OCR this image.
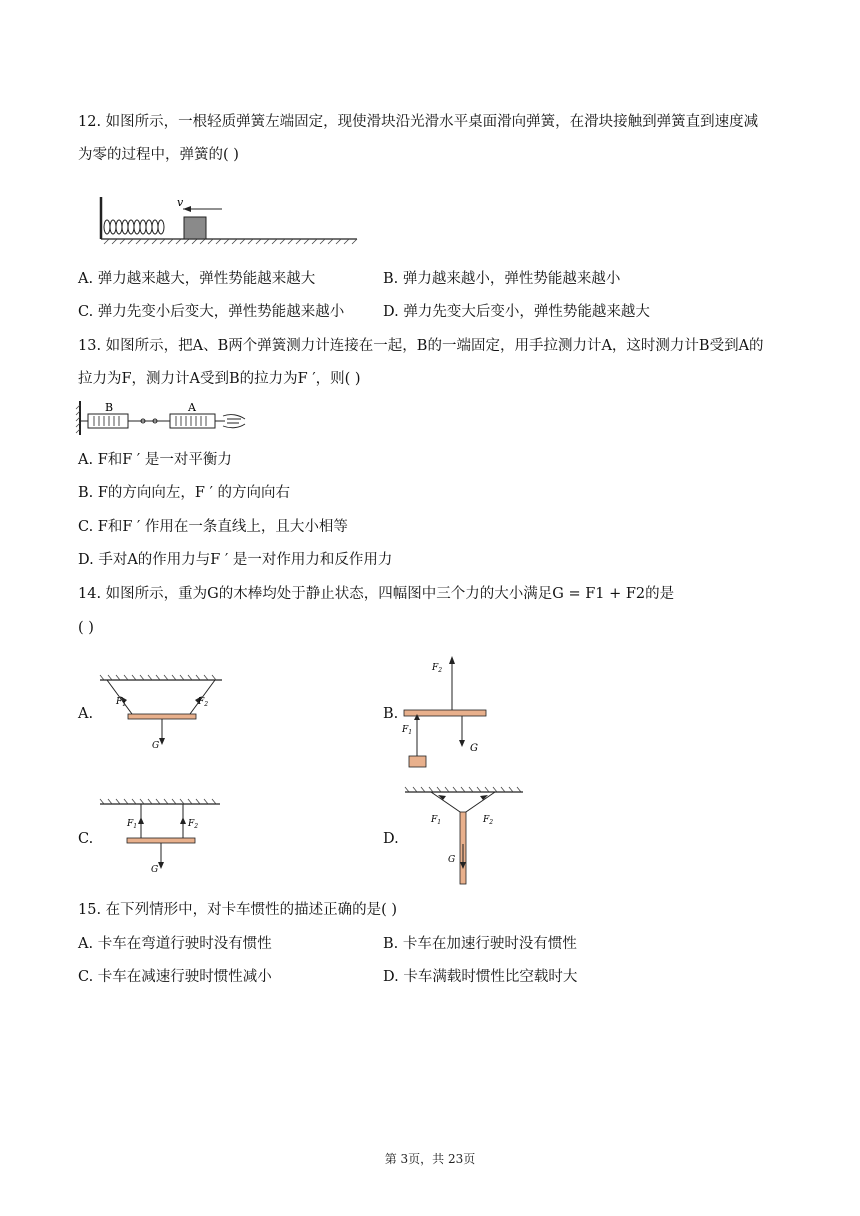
12. 如图所示，一根轻质弹簧左端固定，现使滑块沿光滑水平桌面滑向弹簧，在滑块接触到弹簧直到速度减
为零的过程中，弹簧的( )
v
A. 弹力越来越大，弹性势能越来越大	B. 弹力越来越小，弹性势能越来越小
C. 弹力先变小后变大，弹性势能越来越小	D. 弹力先变大后变小，弹性势能越来越大
13. 如图所示，把A、B两个弹簧测力计连接在一起，B的一端固定，用手拉测力计A，这时测力计B受到A的
拉力为F，测力计A受到B的拉力为F ′，则( )
B	A
A. F和F ′ 是一对平衡力
B. F的方向向左，F ′ 的方向向右
C. F和F ′ 作用在一条直线上，且大小相等
D. 手对A的作用力与F ′ 是一对作用力和反作用力
14. 如图所示，重为G的木棒均处于静止状态，四幅图中三个力的大小满足G = F1 + F2的是
( )
A.
$F_1$	$F_2$
G
B.
$F_2$
$F_1$
G
C.
$F_1$	$F_2$
G
D.
$F_1$	$F_2$
G
15. 在下列情形中，对卡车惯性的描述正确的是( )
A. 卡车在弯道行驶时没有惯性	B. 卡车在加速行驶时没有惯性
C. 卡车在减速行驶时惯性减小	D. 卡车满载时惯性比空载时大
第 3页，共 23页
